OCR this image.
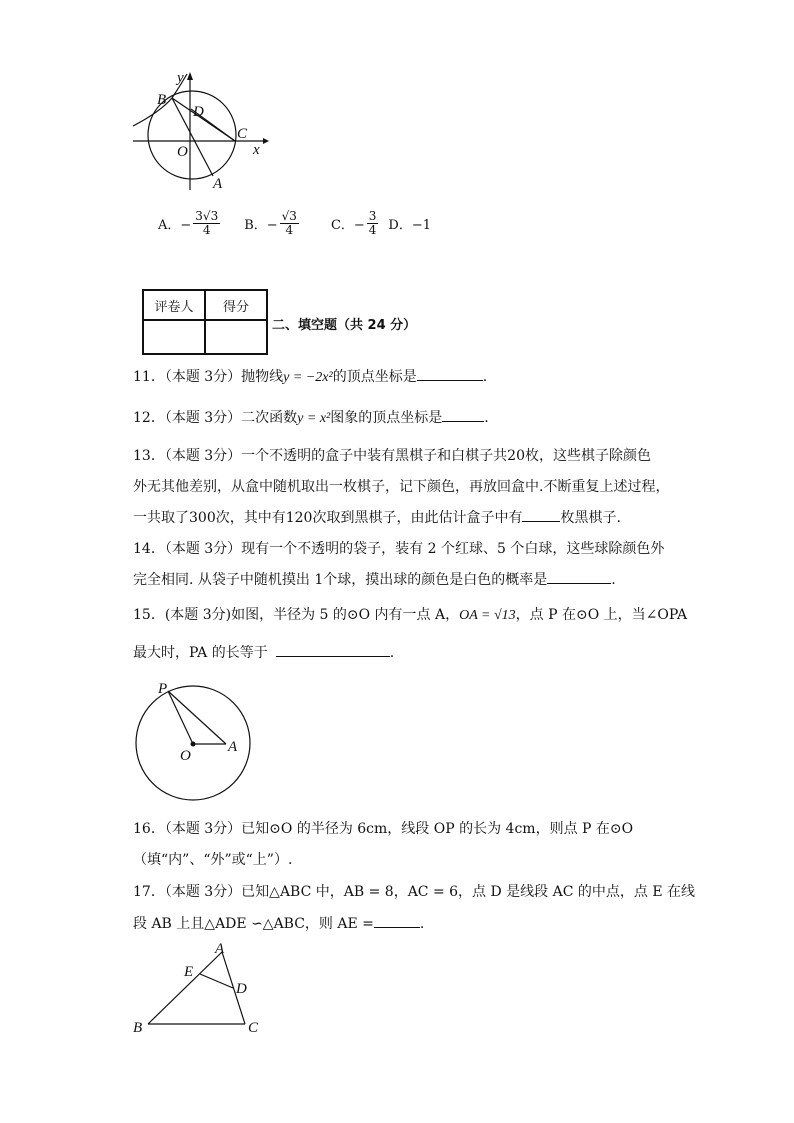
y
x
B
D
C
O
A
A．− $\frac{3√3}{4}$ B．− $\frac{√3}{4}$ C．− $\frac{3}{4}$ D．−1
评卷人	得分

二、填空题（共 24 分）
11．（本题 3分）抛物线y = −2x²的顶点坐标是	.
12．（本题 3分）二次函数y = x²图象的顶点坐标是	.
13．（本题 3分）一个不透明的盒子中装有黑棋子和白棋子共20枚，这些棋子除颜色
外无其他差别，从盒中随机取出一枚棋子，记下颜色，再放回盒中.不断重复上述过程，
一共取了300次，其中有120次取到黑棋子，由此估计盒子中有	枚黑棋子.
14．（本题 3分）现有一个不透明的袋子，装有 2 个红球、5 个白球，这些球除颜色外
完全相同. 从袋子中随机摸出 1个球，摸出球的颜色是白色的概率是	.
15．(本题 3分)如图，半径为 5 的⊙O 内有一点 A，OA = √13，点 P 在⊙O 上，当∠OPA
最大时，PA 的长等于	.
P
O
A
16．（本题 3分）已知⊙O 的半径为 6cm，线段 OP 的长为 4cm，则点 P 在⊙O
（填“内”、“外”或“上”）.
17．（本题 3分）已知△ABC 中，AB = 8，AC = 6，点 D 是线段 AC 的中点，点 E 在线
段 AB 上且△ADE ∽△ABC，则 AE =	.
A
E
D
B	C
